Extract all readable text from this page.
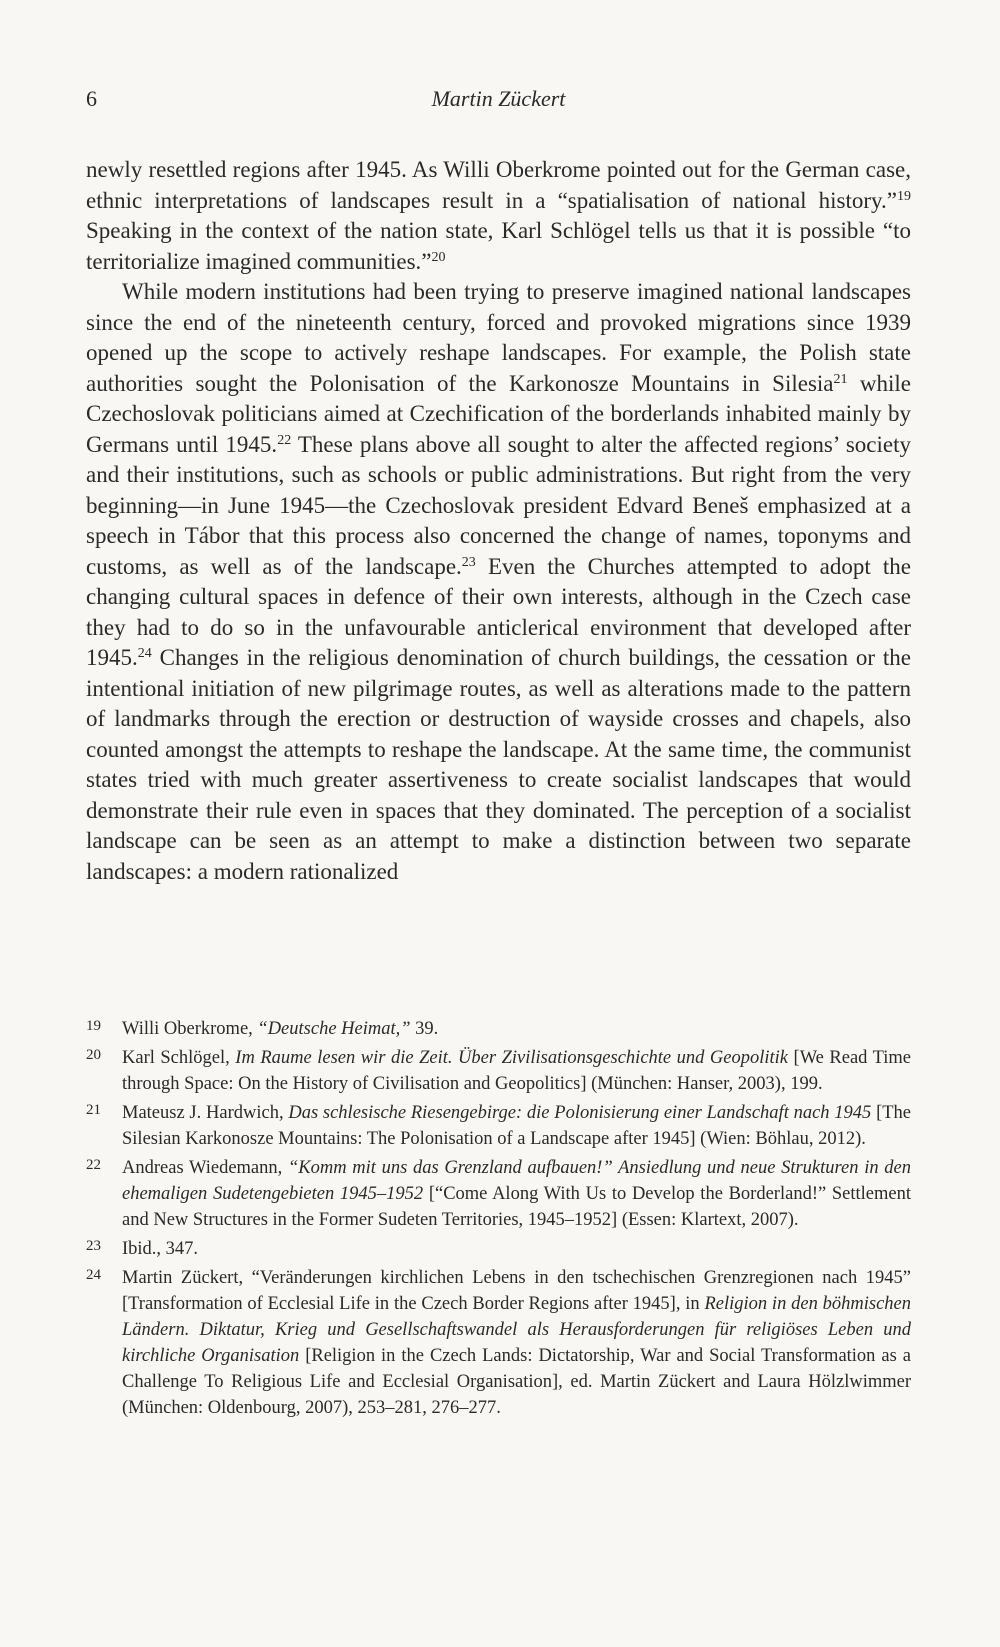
6	Martin Zückert

newly resettled regions after 1945. As Willi Oberkrome pointed out for the German case, ethnic interpretations of landscapes result in a “spatialisation of national history.”$^{19}$ Speaking in the context of the nation state, Karl Schlögel tells us that it is possible “to territorialize imagined communities.”$^{20}$

While modern institutions had been trying to preserve imagined national landscapes since the end of the nineteenth century, forced and provoked migrations since 1939 opened up the scope to actively reshape landscapes. For example, the Polish state authorities sought the Polonisation of the Karkonosze Mountains in Silesia$^{21}$ while Czechoslovak politicians aimed at Czechification of the borderlands inhabited mainly by Germans until 1945.22 These plans above all sought to alter the affected regions’ society and their institutions, such as schools or public administrations. But right from the very beginning—in June 1945—the Czechoslovak president Edvard Beneš emphasized at a speech in Tábor that this process also concerned the change of names, toponyms and customs, as well as of the landscape.$^{23}$ Even the Churches attempted to adopt the changing cultural spaces in defence of their own interests, although in the Czech case they had to do so in the unfavourable anticlerical environment that developed after 1945.24 Changes in the religious denomination of church buildings, the cessation or the intentional initiation of new pilgrimage routes, as well as alterations made to the pattern of landmarks through the erection or destruction of wayside crosses and chapels, also counted amongst the attempts to reshape the landscape. At the same time, the communist states tried with much greater assertiveness to create socialist landscapes that would demonstrate their rule even in spaces that they dominated. The perception of a socialist landscape can be seen as an attempt to make a distinction between two separate landscapes: a modern rationalized

19 Willi Oberkrome, “Deutsche Heimat,” 39.
20 Karl Schlögel, Im Raume lesen wir die Zeit. Über Zivilisationsgeschichte und Geopolitik [We Read Time through Space: On the History of Civilisation and Geopolitics] (München: Hanser, 2003), 199.
21 Mateusz J. Hardwich, Das schlesische Riesengebirge: die Polonisierung einer Landschaft nach 1945 [The Silesian Karkonosze Mountains: The Polonisation of a Landscape after 1945] (Wien: Böhlau, 2012).
22 Andreas Wiedemann, “Komm mit uns das Grenzland aufbauen!” Ansiedlung und neue Strukturen in den ehemaligen Sudetengebieten 1945–1952 [“Come Along With Us to Develop the Borderland!” Settlement and New Structures in the Former Sudeten Territories, 1945–1952] (Essen: Klartext, 2007).
23 Ibid., 347.
24 Martin Zückert, “Veränderungen kirchlichen Lebens in den tschechischen Grenzregionen nach 1945” [Transformation of Ecclesial Life in the Czech Border Regions after 1945], in Religion in den böhmischen Ländern. Diktatur, Krieg und Gesellschaftswandel als Herausforderungen für religiöses Leben und kirchliche Organisation [Religion in the Czech Lands: Dictatorship, War and Social Transformation as a Challenge To Religious Life and Ecclesial Organisation], ed. Martin Zückert and Laura Hölzlwimmer (München: Oldenbourg, 2007), 253–281, 276–277.
